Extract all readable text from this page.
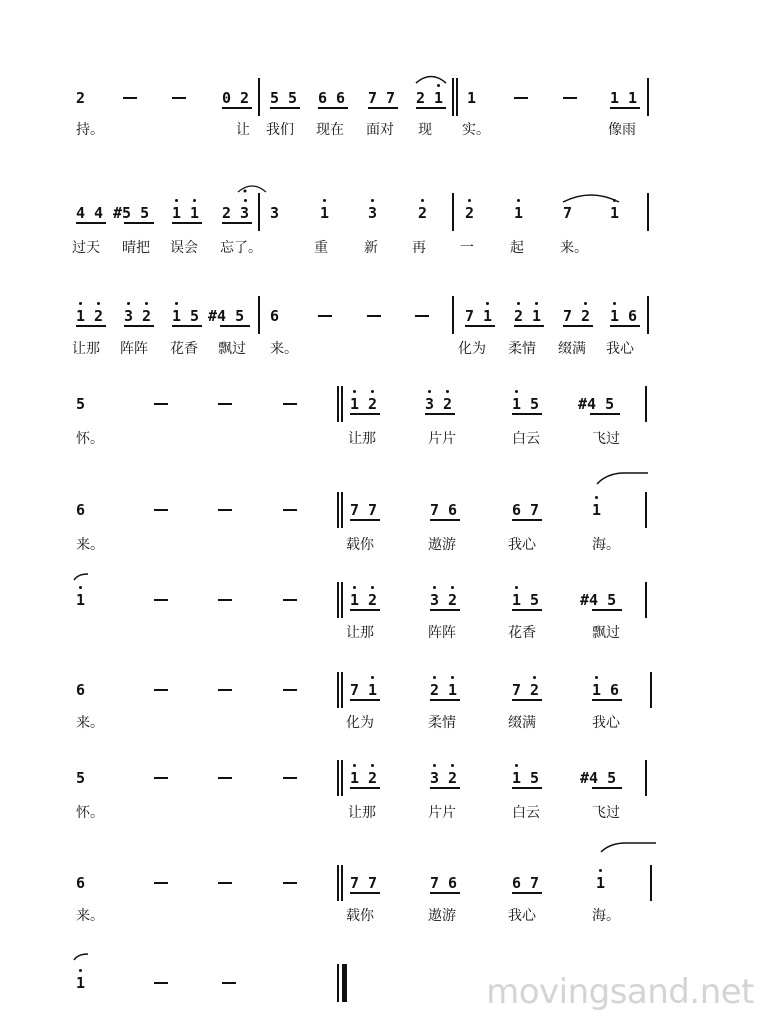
2	0 2 5 5 6 6 7 7 2 1 1	1 1
持。	让 我们 现在 面对 现 实。	像雨
4 4 #5 5 1 1 2 3 3	1	3	2	2	1	7	1
过天 晴把 误会 忘了。	重	新 再 一	起	来。
1 2 3 2 1 5 #4 5 6	7 1 2 1 7 2 1 6
让那 阵阵 花香 飘过 来。	化为 柔情 缀满 我心
5	1 2	3 2	1 5	#4 5
怀。	让那	片片	白云	飞过
6	7 7	7 6	6 7	1
来。	载你	遨游	我心	海。
1	1 2	3 2	1 5	#4 5
让那	阵阵	花香	飘过
6	7 1	2 1	7 2	1 6
来。	化为	柔情	缀满	我心
5	1 2	3 2	1 5	#4 5
怀。	让那	片片	白云	飞过
6	7 7	7 6	6 7	1
来。	载你	遨游	我心	海。
1	movingsand.net
